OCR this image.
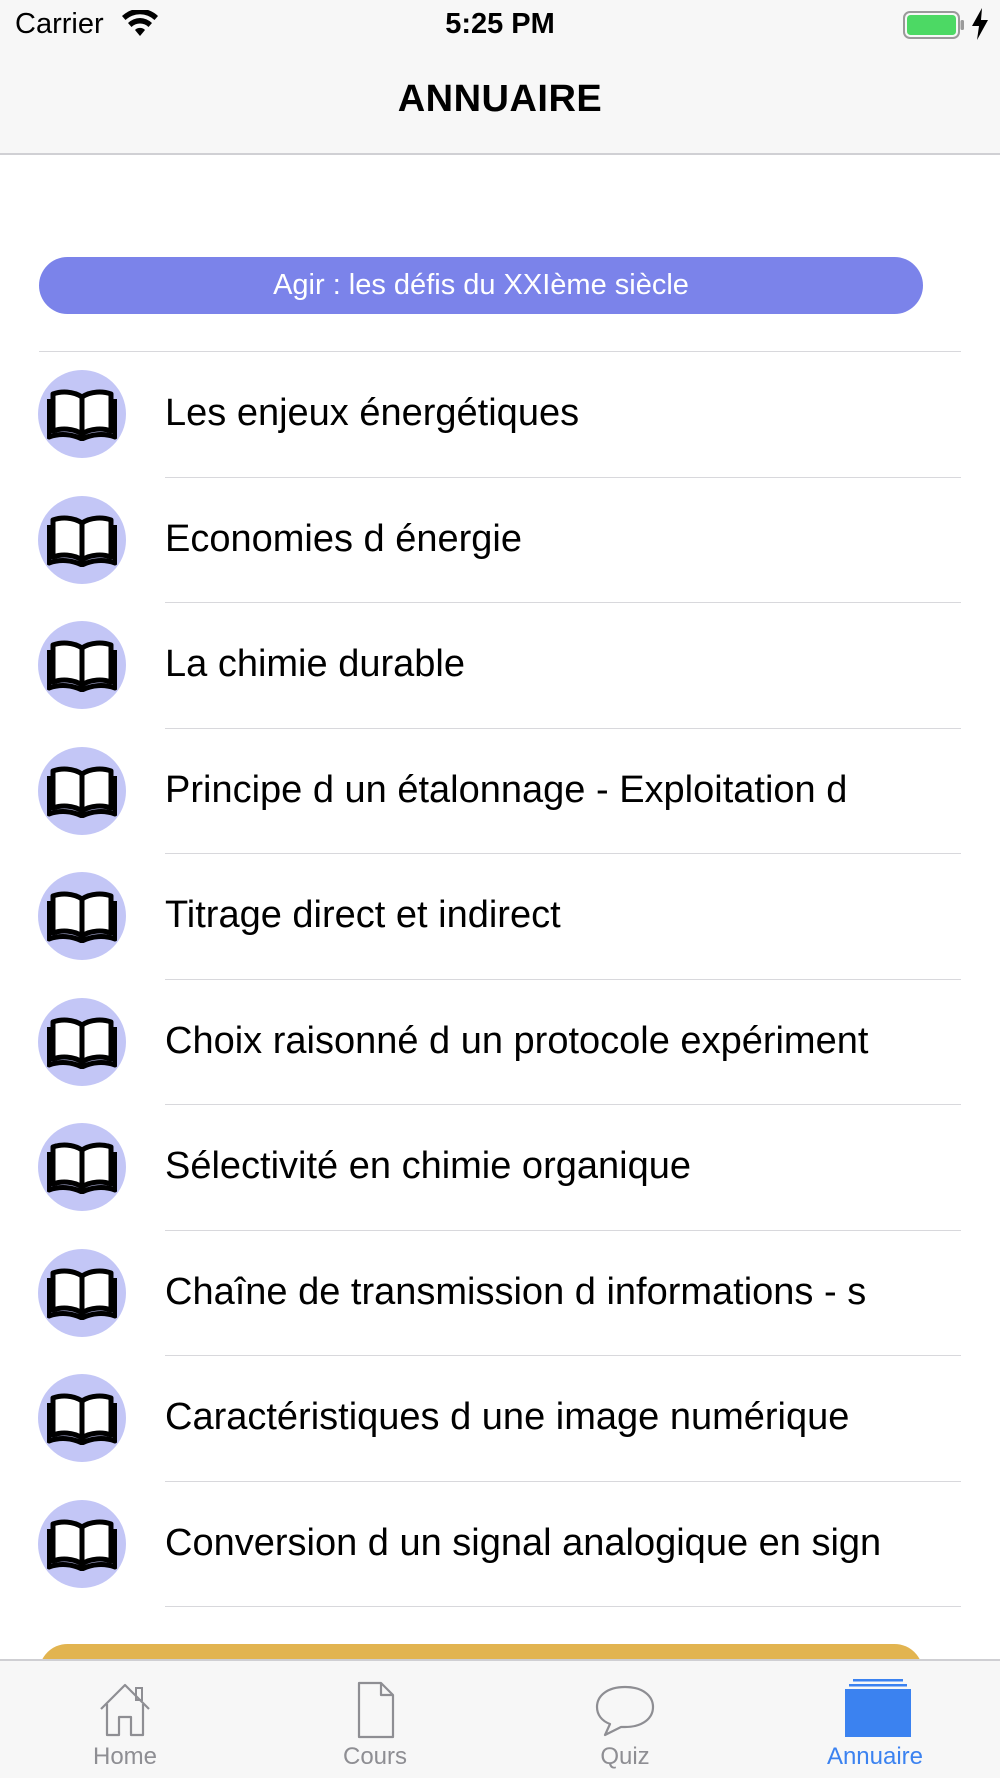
Carrier	5:25 PM
ANNUAIRE
Agir : les défis du XXIème siècle
Les enjeux énergétiques
Economies d énergie
La chimie durable
Principe d un étalonnage - Exploitation d
Titrage direct et indirect
Choix raisonné d un protocole expériment
Sélectivité en chimie organique
Chaîne de transmission d informations - s
Caractéristiques d une image numérique
Conversion d un signal analogique en sign
Home	Cours	Quiz	Annuaire
